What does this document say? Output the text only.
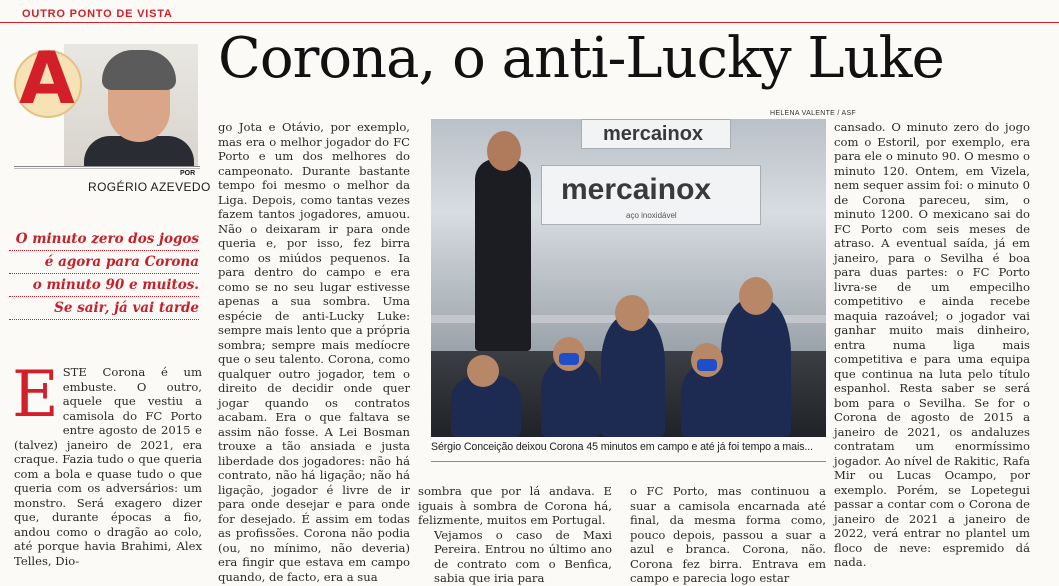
OUTRO PONTO DE VISTA
Corona, o anti-Lucky Luke
A
POR
ROGÉRIO AZEVEDO
O minuto zero dos jogos
é agora para Corona
o minuto 90 e muitos.
Se sair, já vai tarde
E STE Corona é um embuste. O outro, aquele que vestiu a camisola do FC Porto entre agosto de 2015 e (talvez) janeiro de 2021, era craque. Fazia tudo o que queria com a bola e quase tudo o que queria com os adversários: um monstro. Será exagero dizer que, durante épocas a fio, andou como o dragão ao colo, até porque havia Brahimi, Alex Telles, Dio-

go Jota e Otávio, por exemplo, mas era o melhor jogador do FC Porto e um dos melhores do campeonato. Durante bastante tempo foi mesmo o melhor da Liga. Depois, como tantas vezes fazem tantos jogadores, amuou. Não o deixaram ir para onde queria e, por isso, fez birra como os miúdos pequenos. Ia para dentro do campo e era como se no seu lugar estivesse apenas a sua sombra. Uma espécie de anti-Lucky Luke: sempre mais lento que a própria sombra; sempre mais medíocre que o seu talento. Corona, como qualquer outro jogador, tem o direito de decidir onde quer jogar quando os contratos acabam. Era o que faltava se assim não fosse. A Lei Bosman trouxe a tão ansiada e justa liberdade dos jogadores: não há contrato, não há ligação; não há ligação, jogador é livre de ir para onde desejar e para onde for desejado. É assim em todas as profissões. Corona não podia (ou, no mínimo, não deveria) era fingir que estava em campo quando, de facto, era a sua

HELENA VALENTE / ASF
mercainox
mercainox
aço inoxidável
Sérgio Conceição deixou Corona 45 minutos em campo e até já foi tempo a mais...

sombra que por lá andava. E iguais à sombra de Corona há, felizmente, muitos em Portugal.

Vejamos o caso de Maxi Pereira. Entrou no último ano de contrato com o Benfica, sabia que iria para

o FC Porto, mas continuou a suar a camisola encarnada até final, da mesma forma como, pouco depois, passou a suar a azul e branca. Corona, não. Corona fez birra. Entrava em campo e parecia logo estar

cansado. O minuto zero do jogo com o Estoril, por exemplo, era para ele o minuto 90. O mesmo o minuto 120. Ontem, em Vizela, nem sequer assim foi: o minuto 0 de Corona pareceu, sim, o minuto 1200. O mexicano sai do FC Porto com seis meses de atraso. A eventual saída, já em janeiro, para o Sevilha é boa para duas partes: o FC Porto livra-se de um empecilho competitivo e ainda recebe maquia razoável; o jogador vai ganhar muito mais dinheiro, entra numa liga mais competitiva e para uma equipa que continua na luta pelo título espanhol. Resta saber se será bom para o Sevilha. Se for o Corona de agosto de 2015 a janeiro de 2021, os andaluzes contratam um enormíssimo jogador. Ao nível de Rakitic, Rafa Mir ou Lucas Ocampo, por exemplo. Porém, se Lopetegui passar a contar com o Corona de janeiro de 2021 a janeiro de 2022, verá entrar no plantel um floco de neve: espremido dá nada.
